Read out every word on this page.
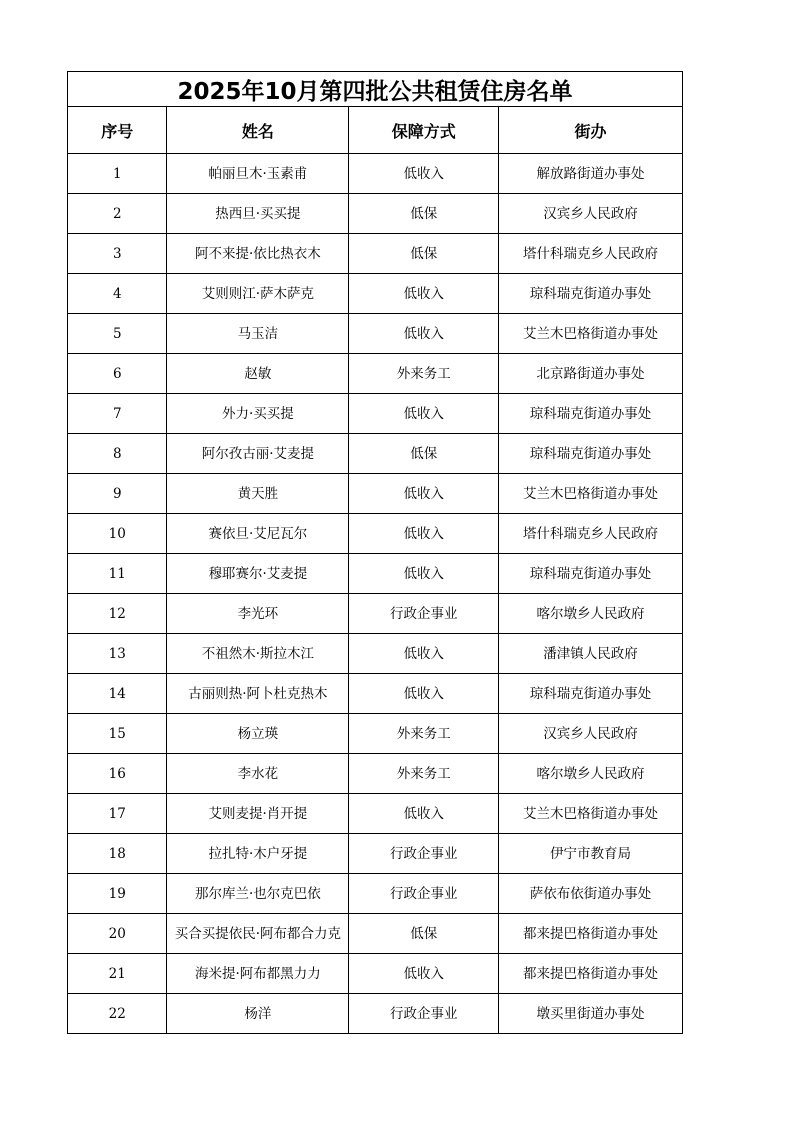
2025年10月第四批公共租赁住房名单			
序号	姓名	保障方式	街办
1	帕丽旦木·玉素甫	低收入	解放路街道办事处
2	热西旦·买买提	低保	汉宾乡人民政府
3	阿不来提·依比热衣木	低保	塔什科瑞克乡人民政府
4	艾则则江·萨木萨克	低收入	琼科瑞克街道办事处
5	马玉洁	低收入	艾兰木巴格街道办事处
6	赵敏	外来务工	北京路街道办事处
7	外力·买买提	低收入	琼科瑞克街道办事处
8	阿尔孜古丽·艾麦提	低保	琼科瑞克街道办事处
9	黄天胜	低收入	艾兰木巴格街道办事处
10	赛依旦·艾尼瓦尔	低收入	塔什科瑞克乡人民政府
11	穆耶赛尔·艾麦提	低收入	琼科瑞克街道办事处
12	李光环	行政企事业	喀尔墩乡人民政府
13	不祖然木·斯拉木江	低收入	潘津镇人民政府
14	古丽则热·阿卜杜克热木	低收入	琼科瑞克街道办事处
15	杨立瑛	外来务工	汉宾乡人民政府
16	李水花	外来务工	喀尔墩乡人民政府
17	艾则麦提·肖开提	低收入	艾兰木巴格街道办事处
18	拉扎特·木户牙提	行政企事业	伊宁市教育局
19	那尔库兰·也尔克巴依	行政企事业	萨依布依街道办事处
20	买合买提依民·阿布都合力克	低保	都来提巴格街道办事处
21	海米提·阿布都黑力力	低收入	都来提巴格街道办事处
22	杨洋	行政企事业	墩买里街道办事处
